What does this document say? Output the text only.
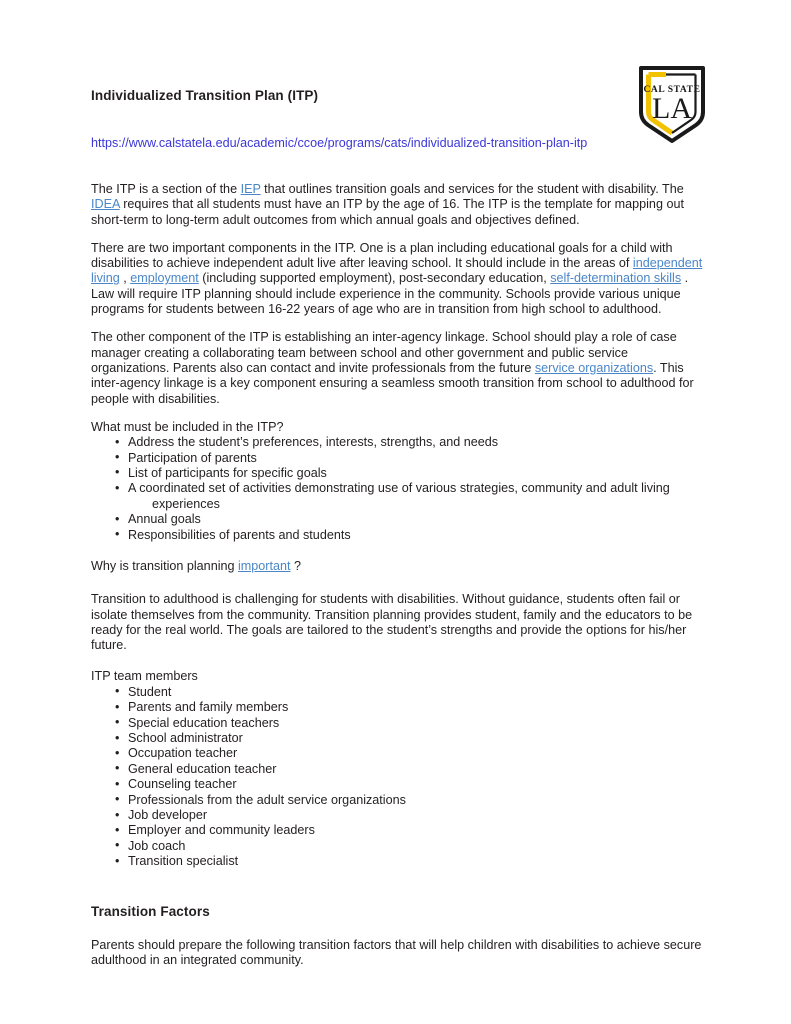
CAL STATE
LA
Individualized Transition Plan (ITP)
https://www.calstatela.edu/academic/ccoe/programs/cats/individualized-transition-plan-itp

The ITP is a section of the IEP that outlines transition goals and services for the student with disability. The IDEA requires that all students must have an ITP by the age of 16. The ITP is the template for mapping out short-term to long-term adult outcomes from which annual goals and objectives defined.

There are two important components in the ITP. One is a plan including educational goals for a child with disabilities to achieve independent adult live after leaving school. It should include in the areas of independent living , employment (including supported employment), post-secondary education, self-determination skills . Law will require ITP planning should include experience in the community. Schools provide various unique programs for students between 16-22 years of age who are in transition from high school to adulthood.

The other component of the ITP is establishing an inter-agency linkage. School should play a role of case manager creating a collaborating team between school and other government and public service organizations. Parents also can contact and invite professionals from the future service organizations. This inter-agency linkage is a key component ensuring a seamless smooth transition from school to adulthood for people with disabilities.

What must be included in the ITP?

• Address the student’s preferences, interests, strengths, and needs
• Participation of parents
• List of participants for specific goals
• A coordinated set of activities demonstrating use of various strategies, community and adult living
experiences
• Annual goals
• Responsibilities of parents and students

Why is transition planning important ?

Transition to adulthood is challenging for students with disabilities. Without guidance, students often fail or isolate themselves from the community. Transition planning provides student, family and the educators to be ready for the real world. The goals are tailored to the student’s strengths and provide the options for his/her future.

ITP team members

• Student
• Parents and family members
• Special education teachers
• School administrator
• Occupation teacher
• General education teacher
• Counseling teacher
• Professionals from the adult service organizations
• Job developer
• Employer and community leaders
• Job coach
• Transition specialist
Transition Factors

Parents should prepare the following transition factors that will help children with disabilities to achieve secure adulthood in an integrated community.
